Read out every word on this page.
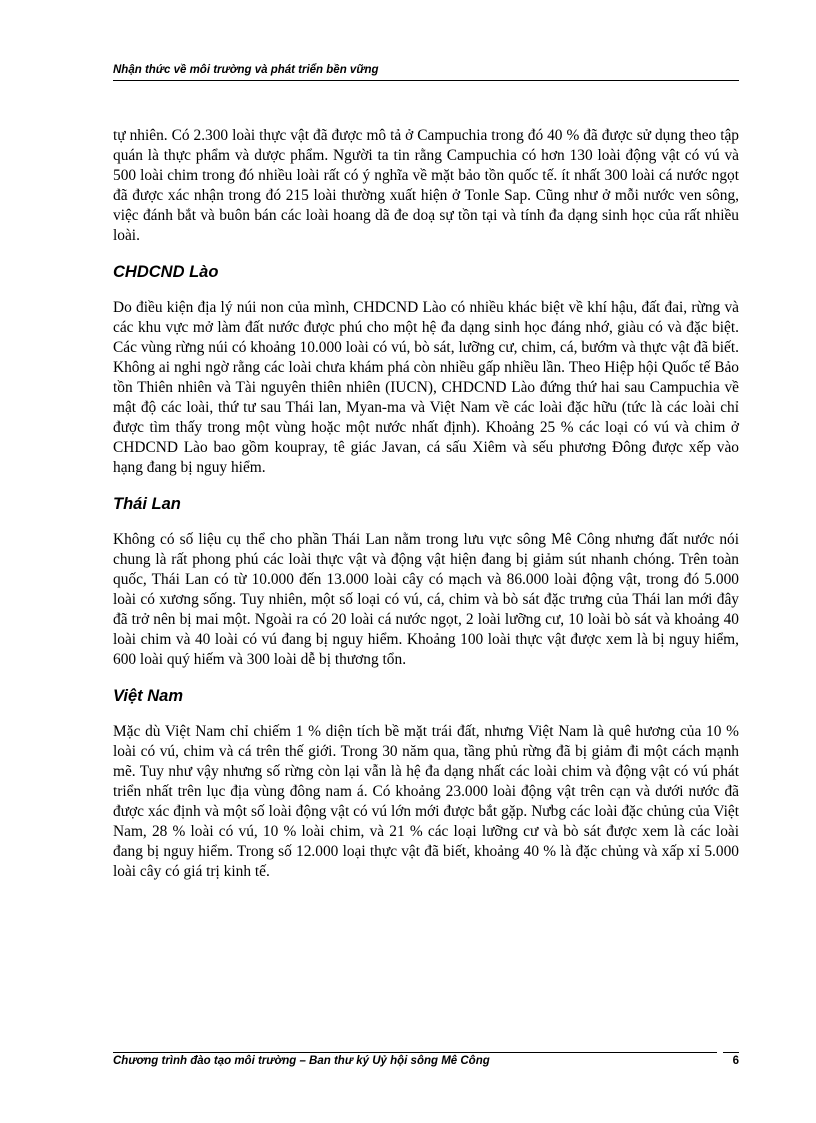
Nhận thức về môi trường và phát triển bền vững

tự nhiên. Có 2.300 loài thực vật đã được mô tả ở Campuchia trong đó 40 % đã được sử dụng theo tập quán là thực phẩm và dược phẩm. Người ta tin rằng Campuchia có hơn 130 loài động vật có vú và 500 loài chim trong đó nhiều loài rất có ý nghĩa về mặt bảo tồn quốc tế. ít nhất 300 loài cá nước ngọt đã được xác nhận trong đó 215 loài thường xuất hiện ở Tonle Sap. Cũng như ở mỗi nước ven sông, việc đánh bắt và buôn bán các loài hoang dã đe doạ sự tồn tại và tính đa dạng sinh học của rất nhiều loài.

CHDCND Lào

Do điều kiện địa lý núi non của mình, CHDCND Lào có nhiều khác biệt về khí hậu, đất đai, rừng và các khu vực mở làm đất nước được phú cho một hệ đa dạng sinh học đáng nhớ, giàu có và đặc biệt. Các vùng rừng núi có khoảng 10.000 loài có vú, bò sát, lưỡng cư, chim, cá, bướm và thực vật đã biết. Không ai nghi ngờ rằng các loài chưa khám phá còn nhiều gấp nhiều lần. Theo Hiệp hội Quốc tế Bảo tồn Thiên nhiên và Tài nguyên thiên nhiên (IUCN), CHDCND Lào đứng thứ hai sau Campuchia về mật độ các loài, thứ tư sau Thái lan, Myan-ma và Việt Nam về các loài đặc hữu (tức là các loài chỉ được tìm thấy trong một vùng hoặc một nước nhất định). Khoảng 25 % các loại có vú và chim ở CHDCND Lào bao gồm koupray, tê giác Javan, cá sấu Xiêm và sếu phương Đông được xếp vào hạng đang bị nguy hiểm.

Thái Lan

Không có số liệu cụ thể cho phần Thái Lan nằm trong lưu vực sông Mê Công nhưng đất nước nói chung là rất phong phú các loài thực vật và động vật hiện đang bị giảm sút nhanh chóng. Trên toàn quốc, Thái Lan có từ 10.000 đến 13.000 loài cây có mạch và 86.000 loài động vật, trong đó 5.000 loài có xương sống. Tuy nhiên, một số loại có vú, cá, chim và bò sát đặc trưng của Thái lan mới đây đã trở nên bị mai một. Ngoài ra có 20 loài cá nước ngọt, 2 loài lưỡng cư, 10 loài bò sát và khoảng 40 loài chim và 40 loài có vú đang bị nguy hiểm. Khoảng 100 loài thực vật được xem là bị nguy hiểm, 600 loài quý hiếm và 300 loài dễ bị thương tổn.

Việt Nam

Mặc dù Việt Nam chỉ chiếm 1 % diện tích bề mặt trái đất, nhưng Việt Nam là quê hương của 10 % loài có vú, chim và cá trên thế giới. Trong 30 năm qua, tầng phủ rừng đã bị giảm đi một cách mạnh mẽ. Tuy như vậy nhưng số rừng còn lại vẫn là hệ đa dạng nhất các loài chim và động vật có vú phát triển nhất trên lục địa vùng đông nam á. Có khoảng 23.000 loài động vật trên cạn và dưới nước đã được xác định và một số loài động vật có vú lớn mới được bắt gặp. Nưbg các loài đặc chủng của Việt Nam, 28 % loài có vú, 10 % loài chim, và 21 % các loại lưỡng cư và bò sát được xem là các loài đang bị nguy hiểm. Trong số 12.000 loại thực vật đã biết, khoảng 40 % là đặc chủng và xấp xỉ 5.000 loài cây có giá trị kinh tế.

Chương trình đào tạo môi trường – Ban thư ký Uỷ hội sông Mê Công	6
